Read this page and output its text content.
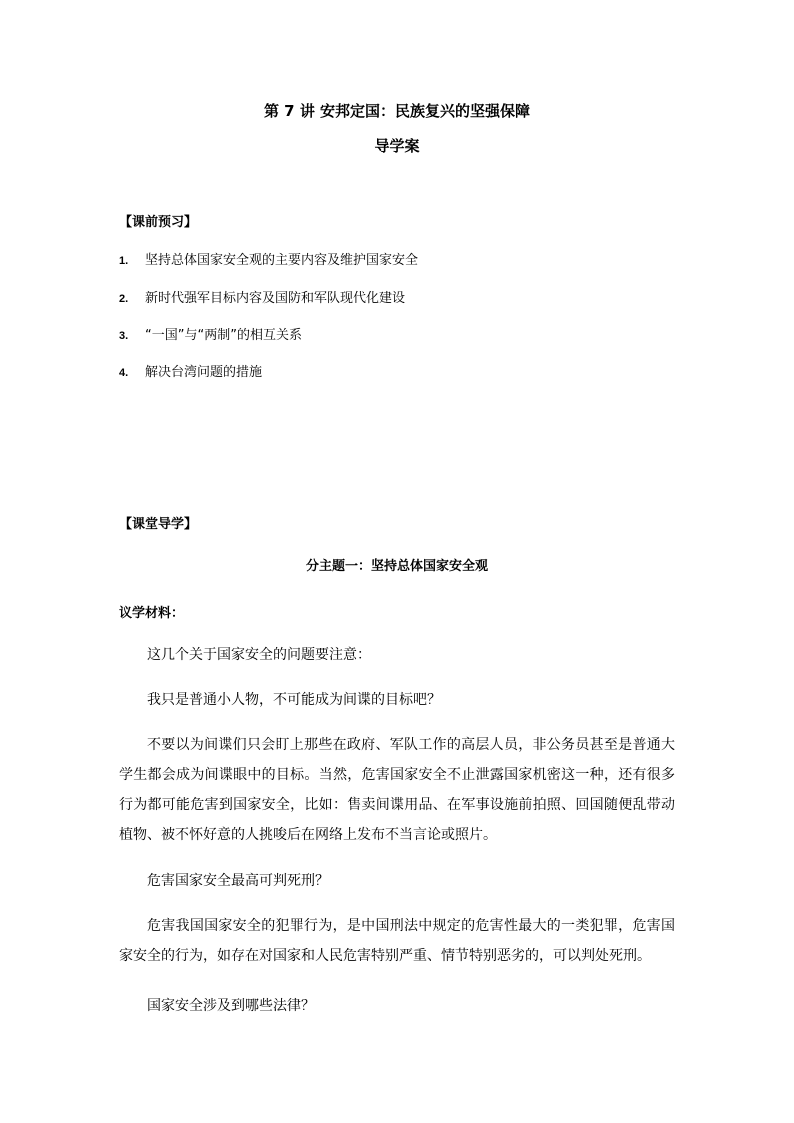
第 7 讲 安邦定国：民族复兴的坚强保障
导学案
【课前预习】
1. 坚持总体国家安全观的主要内容及维护国家安全
2. 新时代强军目标内容及国防和军队现代化建设
3. “一国”与“两制”的相互关系
4. 解决台湾问题的措施
【课堂导学】
分主题一：坚持总体国家安全观
议学材料：

这几个关于国家安全的问题要注意：

我只是普通小人物，不可能成为间谍的目标吧？

不要以为间谍们只会盯上那些在政府、军队工作的高层人员，非公务员甚至是普通大学生都会成为间谍眼中的目标。当然，危害国家安全不止泄露国家机密这一种，还有很多行为都可能危害到国家安全，比如：售卖间谍用品、在军事设施前拍照、回国随便乱带动植物、被不怀好意的人挑唆后在网络上发布不当言论或照片。

危害国家安全最高可判死刑？

危害我国国家安全的犯罪行为，是中国刑法中规定的危害性最大的一类犯罪，危害国家安全的行为，如存在对国家和人民危害特别严重、情节特别恶劣的，可以判处死刑。

国家安全涉及到哪些法律？
